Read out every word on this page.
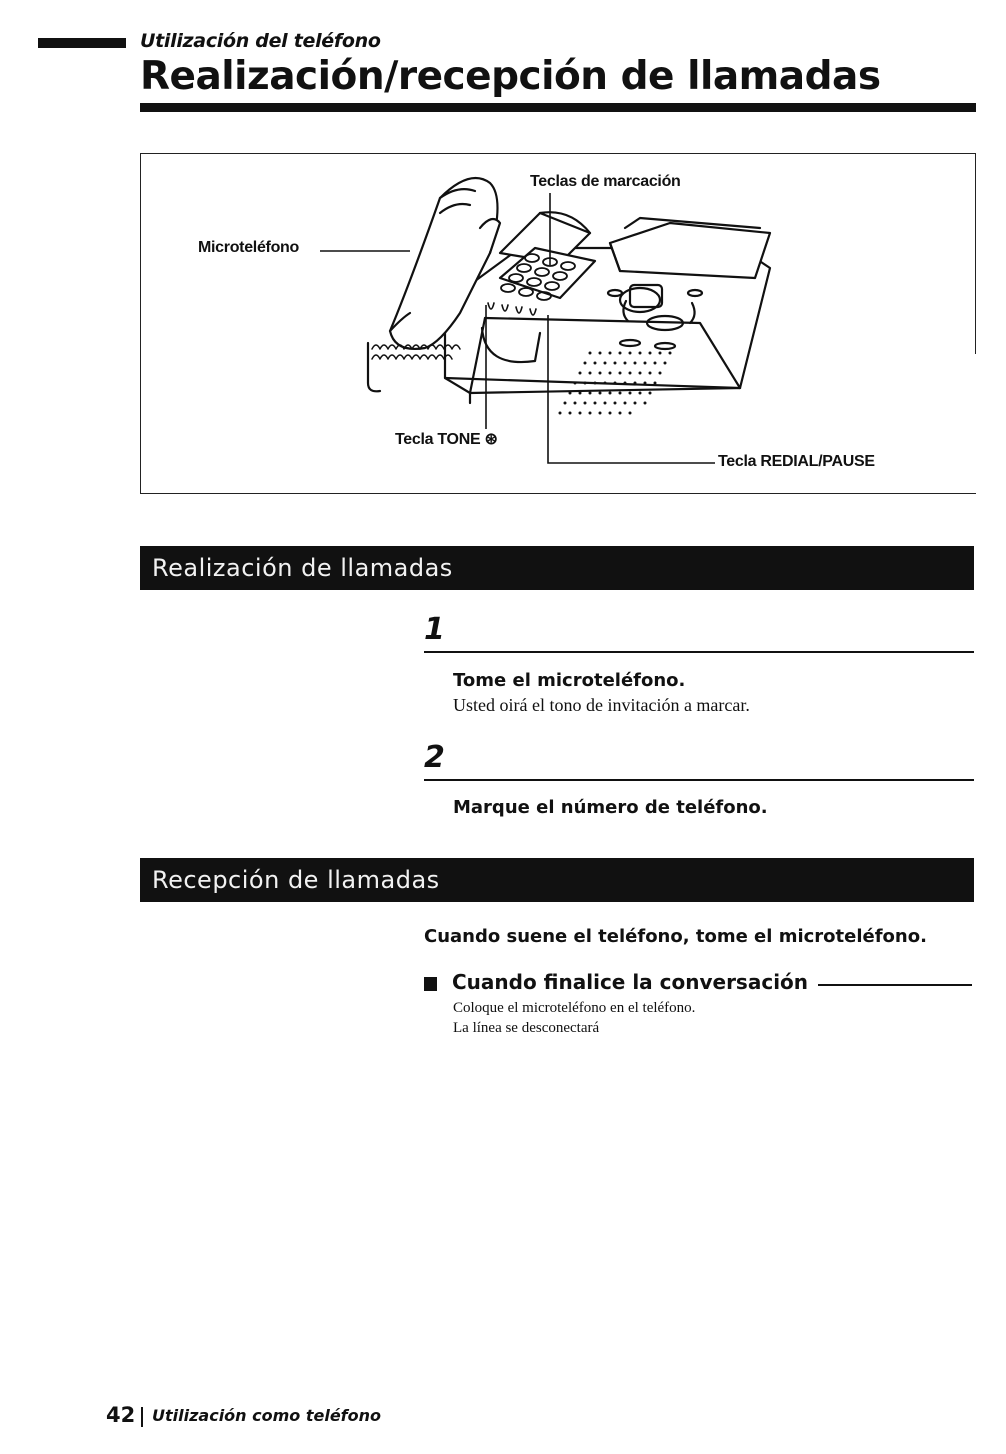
Utilización del teléfono
Realización/recepción de llamadas
Teclas de marcación
Microteléfono
Tecla TONE ⊛
Tecla REDIAL/PAUSE
Realización de llamadas
1
Tome el microteléfono.
Usted oirá el tono de invitación a marcar.
2
Marque el número de teléfono.
Recepción de llamadas
Cuando suene el teléfono, tome el microteléfono.
Cuando finalice la conversación
Coloque el microteléfono en el teléfono.
La línea se desconectará
42 Utilización como teléfono
